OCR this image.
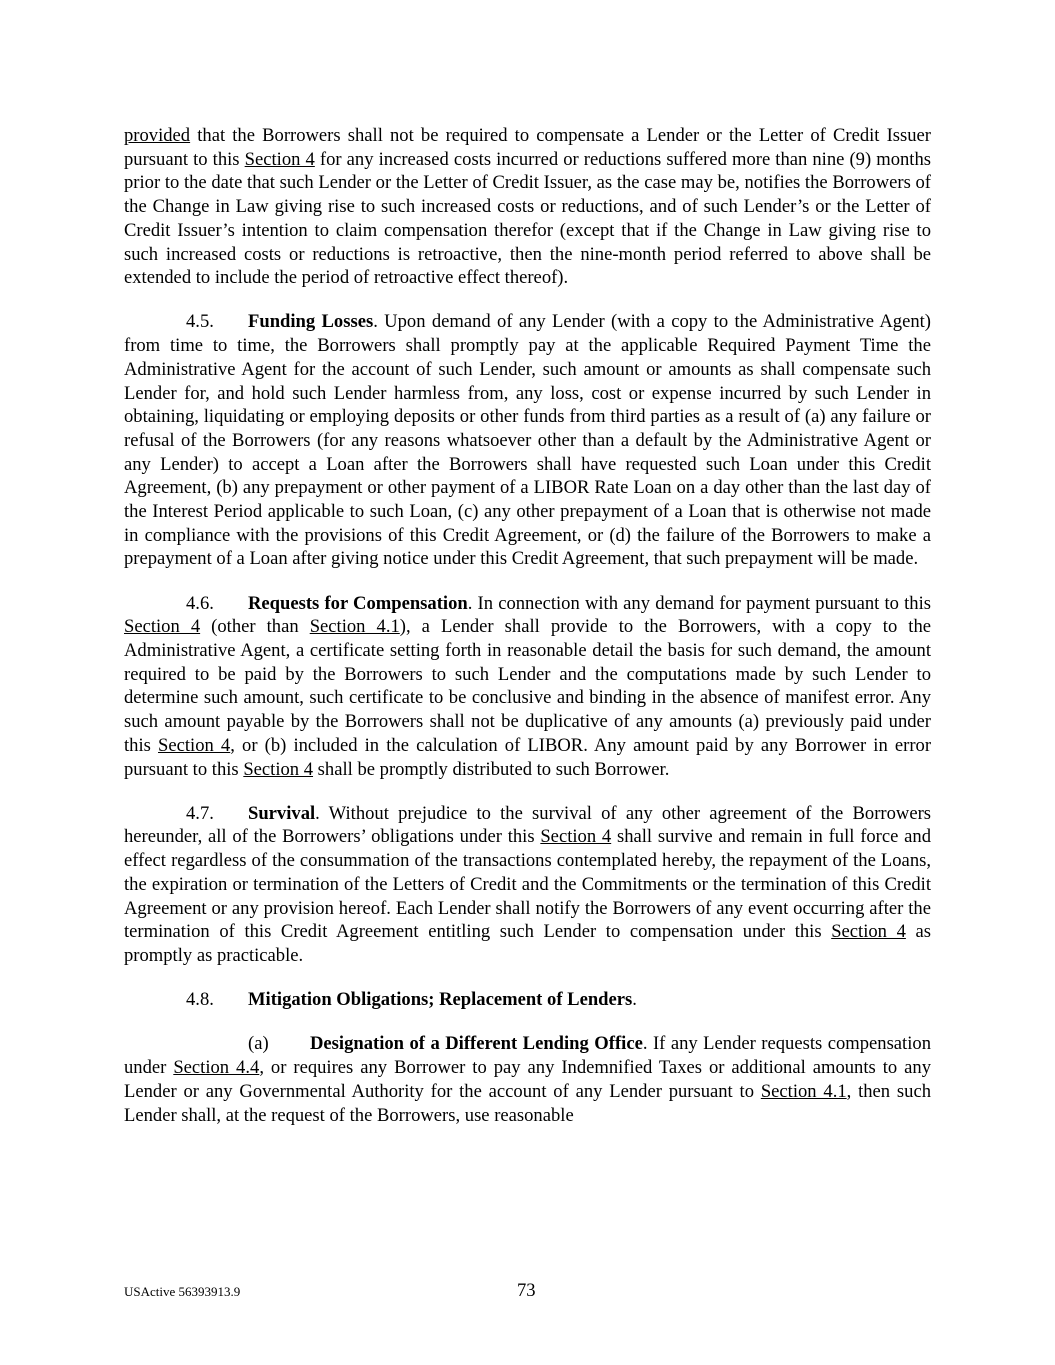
provided that the Borrowers shall not be required to compensate a Lender or the Letter of Credit Issuer pursuant to this Section 4 for any increased costs incurred or reductions suffered more than nine (9) months prior to the date that such Lender or the Letter of Credit Issuer, as the case may be, notifies the Borrowers of the Change in Law giving rise to such increased costs or reductions, and of such Lender’s or the Letter of Credit Issuer’s intention to claim compensation therefor (except that if the Change in Law giving rise to such increased costs or reductions is retroactive, then the nine-month period referred to above shall be extended to include the period of retroactive effect thereof).

4.5. Funding Losses. Upon demand of any Lender (with a copy to the Administrative Agent) from time to time, the Borrowers shall promptly pay at the applicable Required Payment Time the Administrative Agent for the account of such Lender, such amount or amounts as shall compensate such Lender for, and hold such Lender harmless from, any loss, cost or expense incurred by such Lender in obtaining, liquidating or employing deposits or other funds from third parties as a result of (a) any failure or refusal of the Borrowers (for any reasons whatsoever other than a default by the Administrative Agent or any Lender) to accept a Loan after the Borrowers shall have requested such Loan under this Credit Agreement, (b) any prepayment or other payment of a LIBOR Rate Loan on a day other than the last day of the Interest Period applicable to such Loan, (c) any other prepayment of a Loan that is otherwise not made in compliance with the provisions of this Credit Agreement, or (d) the failure of the Borrowers to make a prepayment of a Loan after giving notice under this Credit Agreement, that such prepayment will be made.

4.6. Requests for Compensation. In connection with any demand for payment pursuant to this Section 4 (other than Section 4.1), a Lender shall provide to the Borrowers, with a copy to the Administrative Agent, a certificate setting forth in reasonable detail the basis for such demand, the amount required to be paid by the Borrowers to such Lender and the computations made by such Lender to determine such amount, such certificate to be conclusive and binding in the absence of manifest error. Any such amount payable by the Borrowers shall not be duplicative of any amounts (a) previously paid under this Section 4, or (b) included in the calculation of LIBOR. Any amount paid by any Borrower in error pursuant to this Section 4 shall be promptly distributed to such Borrower.

4.7. Survival. Without prejudice to the survival of any other agreement of the Borrowers hereunder, all of the Borrowers’ obligations under this Section 4 shall survive and remain in full force and effect regardless of the consummation of the transactions contemplated hereby, the repayment of the Loans, the expiration or termination of the Letters of Credit and the Commitments or the termination of this Credit Agreement or any provision hereof. Each Lender shall notify the Borrowers of any event occurring after the termination of this Credit Agreement entitling such Lender to compensation under this Section 4 as promptly as practicable.

4.8. Mitigation Obligations; Replacement of Lenders.

(a) Designation of a Different Lending Office. If any Lender requests compensation under Section 4.4, or requires any Borrower to pay any Indemnified Taxes or additional amounts to any Lender or any Governmental Authority for the account of any Lender pursuant to Section 4.1, then such Lender shall, at the request of the Borrowers, use reasonable

USActive 56393913.9	73
